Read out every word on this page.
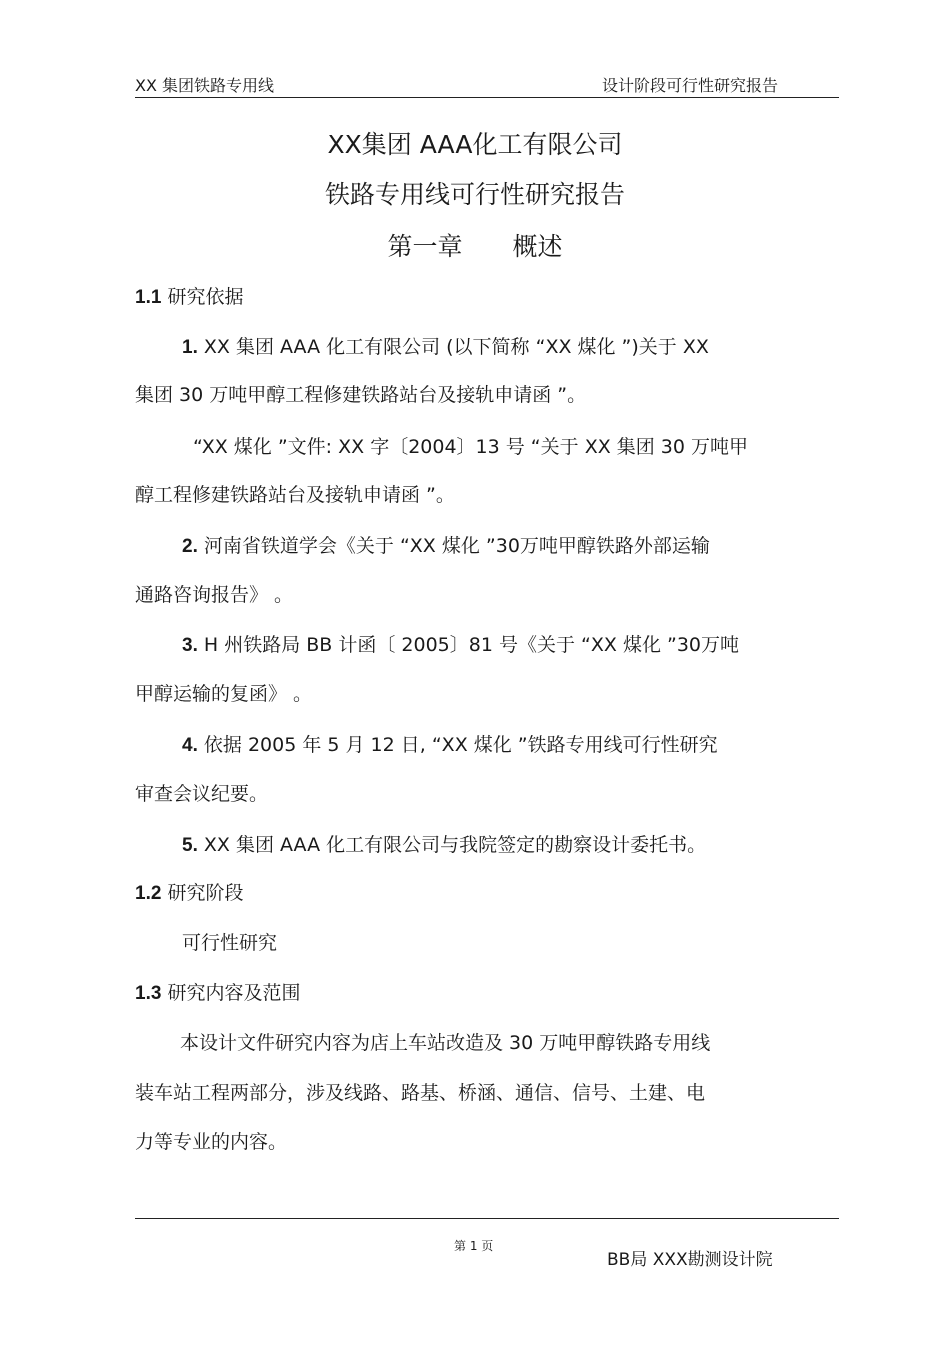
XX 集团铁路专用线	设计阶段可行性研究报告
XX集团 AAA化工有限公司
铁路专用线可行性研究报告
第一章　　概述
1.1 研究依据
1. XX 集团 AAA 化工有限公司 (以下简称 “XX 煤化 ”)关于 XX
集团 30 万吨甲醇工程修建铁路站台及接轨申请函 ”。
“XX 煤化 ”文件: XX 字〔2004〕13 号 “关于 XX 集团 30 万吨甲
醇工程修建铁路站台及接轨申请函 ”。
2. 河南省铁道学会《关于 “XX 煤化 ”30万吨甲醇铁路外部运输
通路咨询报告》 。
3. H 州铁路局 BB 计函〔 2005〕81 号《关于 “XX 煤化 ”30万吨
甲醇运输的复函》 。
4. 依据 2005 年 5 月 12 日, “XX 煤化 ”铁路专用线可行性研究
审查会议纪要。
5. XX 集团 AAA 化工有限公司与我院签定的勘察设计委托书。
1.2 研究阶段
可行性研究
1.3 研究内容及范围
本设计文件研究内容为店上车站改造及 30 万吨甲醇铁路专用线
装车站工程两部分，涉及线路、路基、桥涵、通信、信号、土建、电
力等专业的内容。
第 1 页
BB局 XXX勘测设计院
